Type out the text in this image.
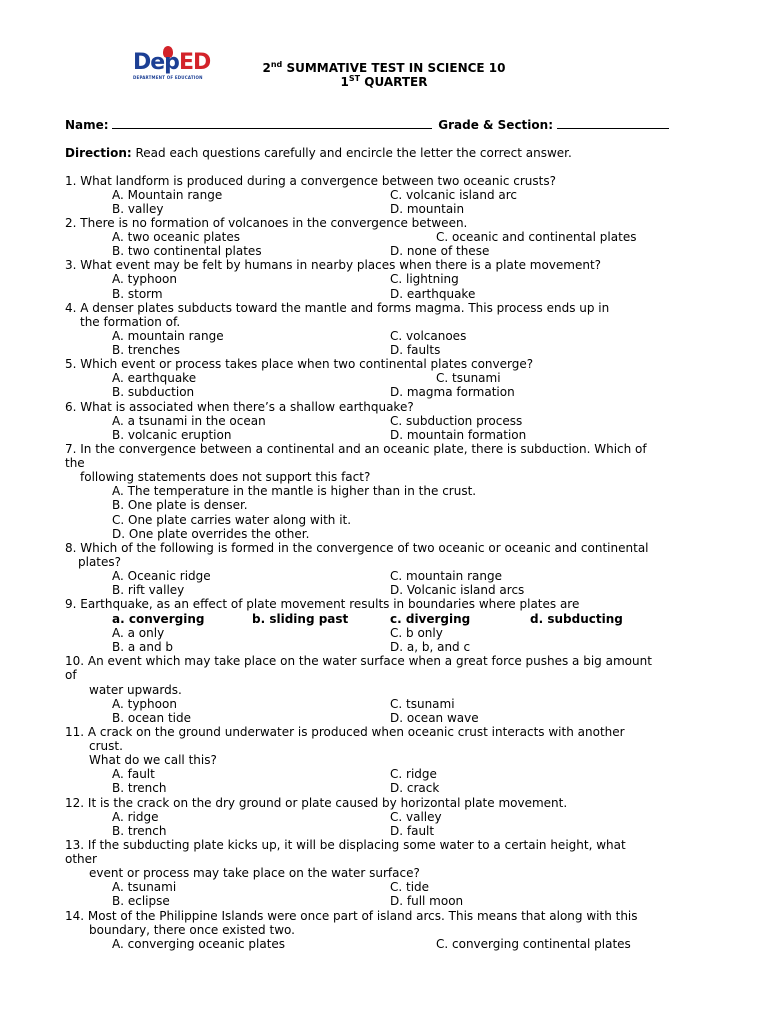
DepED
DEPARTMENT OF EDUCATION
2nd SUMMATIVE TEST IN SCIENCE 10
1ST QUARTER
Name:	Grade & Section:
Direction: Read each questions carefully and encircle the letter the correct answer.
1. What landform is produced during a convergence between two oceanic crusts?
A. Mountain range	C. volcanic island arc
B. valley	D. mountain
2. There is no formation of volcanoes in the convergence between.
A. two oceanic plates	C. oceanic and continental plates
B. two continental plates	D. none of these
3. What event may be felt by humans in nearby places when there is a plate movement?
A. typhoon	C. lightning
B. storm	D. earthquake
4. A denser plates subducts toward the mantle and forms magma. This process ends up in
the formation of.
A. mountain range	C. volcanoes
B. trenches	D. faults
5. Which event or process takes place when two continental plates converge?
A. earthquake	C. tsunami
B. subduction	D. magma formation
6. What is associated when there’s a shallow earthquake?
A. a tsunami in the ocean	C. subduction process
B. volcanic eruption	D. mountain formation
7. In the convergence between a continental and an oceanic plate, there is subduction. Which of
the
following statements does not support this fact?
A. The temperature in the mantle is higher than in the crust.
B. One plate is denser.
C. One plate carries water along with it.
D. One plate overrides the other.
8. Which of the following is formed in the convergence of two oceanic or oceanic and continental
plates?
A. Oceanic ridge	C. mountain range
B. rift valley	D. Volcanic island arcs
9. Earthquake, as an effect of plate movement results in boundaries where plates are
a. converging	b. sliding past	c. diverging	d. subducting
A. a only	C. b only
B. a and b	D. a, b, and c
10. An event which may take place on the water surface when a great force pushes a big amount
of
water upwards.
A. typhoon	C. tsunami
B. ocean tide	D. ocean wave
11. A crack on the ground underwater is produced when oceanic crust interacts with another
crust.
What do we call this?
A. fault	C. ridge
B. trench	D. crack
12. It is the crack on the dry ground or plate caused by horizontal plate movement.
A. ridge	C. valley
B. trench	D. fault
13. If the subducting plate kicks up, it will be displacing some water to a certain height, what
other
event or process may take place on the water surface?
A. tsunami	C. tide
B. eclipse	D. full moon
14. Most of the Philippine Islands were once part of island arcs. This means that along with this
boundary, there once existed two.
A. converging oceanic plates	C. converging continental plates
